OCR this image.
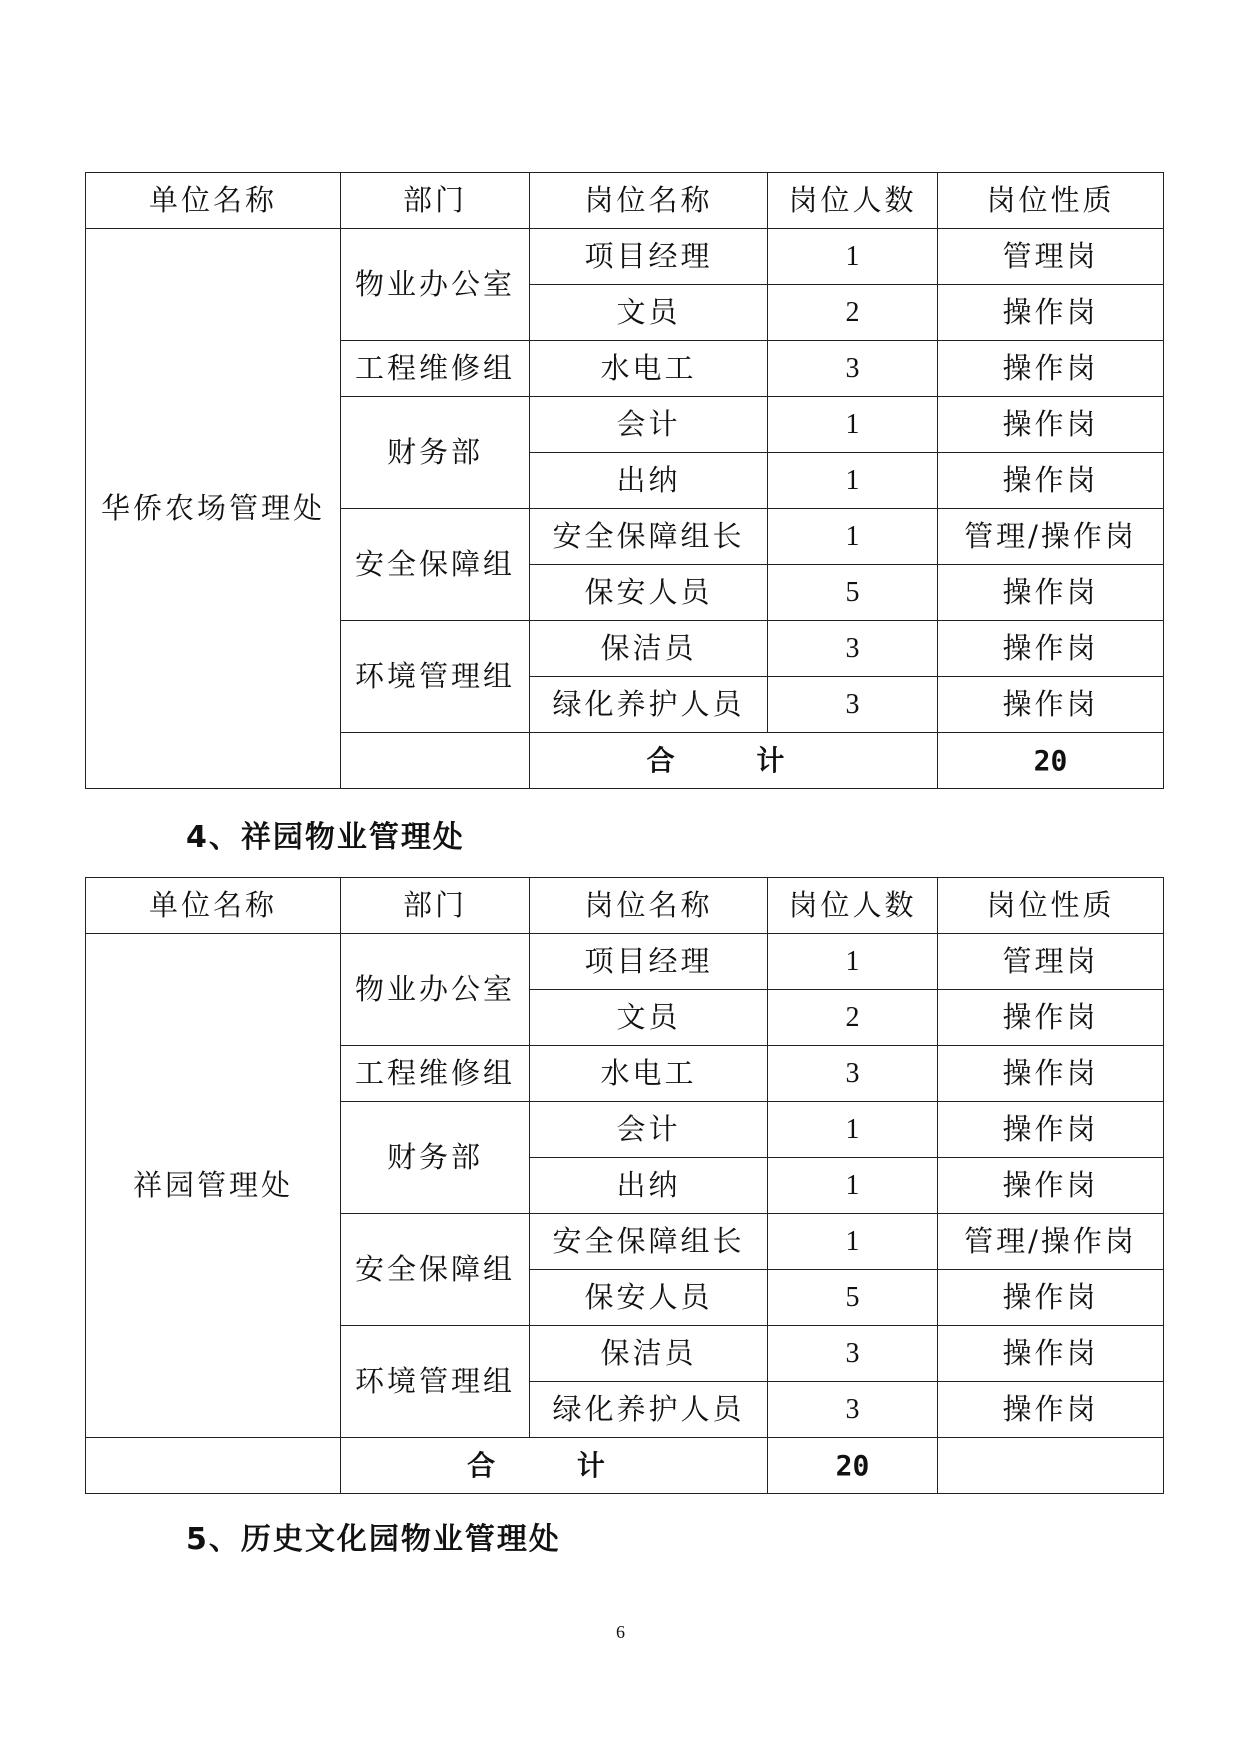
单位名称	部门	岗位名称	岗位人数	岗位性质	
华侨农场管理处	物业办公室	项目经理	1	管理岗	
		文员	2	操作岗	
	工程维修组	水电工	3	操作岗	
	财务部	会计	1	操作岗	
		出纳	1	操作岗	
	安全保障组	安全保障组长	1	管理/操作岗	
		保安人员	5	操作岗	
	环境管理组	保洁员	3	操作岗	
		绿化养护人员	3	操作岗	
		合 计		20	

4、祥园物业管理处

单位名称	部门	岗位名称	岗位人数	岗位性质
祥园管理处	物业办公室	项目经理	1	管理岗
		文员	2	操作岗
	工程维修组	水电工	3	操作岗
	财务部	会计	1	操作岗
		出纳	1	操作岗
	安全保障组	安全保障组长	1	管理/操作岗
		保安人员	5	操作岗
	环境管理组	保洁员	3	操作岗
		绿化养护人员	3	操作岗
	合 计		20	

5、历史文化园物业管理处

6
